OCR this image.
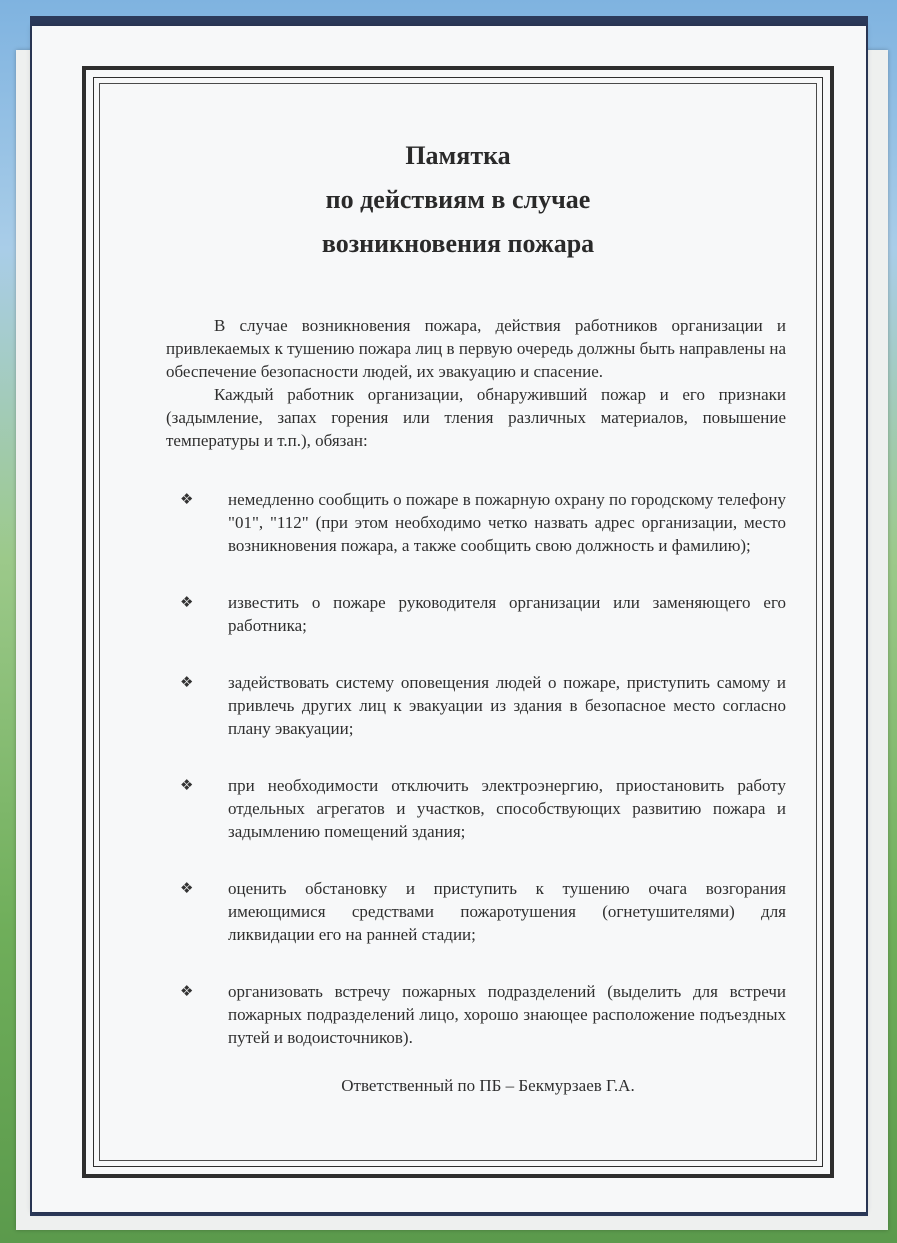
Памятка
по действиям в случае
возникновения пожара

В случае возникновения пожара, действия работников организации и привлекаемых к тушению пожара лиц в первую очередь должны быть направлены на обеспечение безопасности людей, их эвакуацию и спасение.

Каждый работник организации, обнаруживший пожар и его признаки (задымление, запах горения или тления различных материалов, повышение температуры и т.п.), обязан:

❖ немедленно сообщить о пожаре в пожарную охрану по городскому телефону "01", "112" (при этом необходимо четко назвать адрес организации, место возникновения пожара, а также сообщить свою должность и фамилию);
❖ известить о пожаре руководителя организации или заменяющего его работника;
❖ задействовать систему оповещения людей о пожаре, приступить самому и привлечь других лиц к эвакуации из здания в безопасное место согласно плану эвакуации;
❖ при необходимости отключить электроэнергию, приостановить работу отдельных агрегатов и участков, способствующих развитию пожара и задымлению помещений здания;
❖ оценить обстановку и приступить к тушению очага возгорания имеющимися средствами пожаротушения (огнетушителями) для ликвидации его на ранней стадии;
❖ организовать встречу пожарных подразделений (выделить для встречи пожарных подразделений лицо, хорошо знающее расположение подъездных путей и водоисточников).
Ответственный по ПБ – Бекмурзаев Г.А.
